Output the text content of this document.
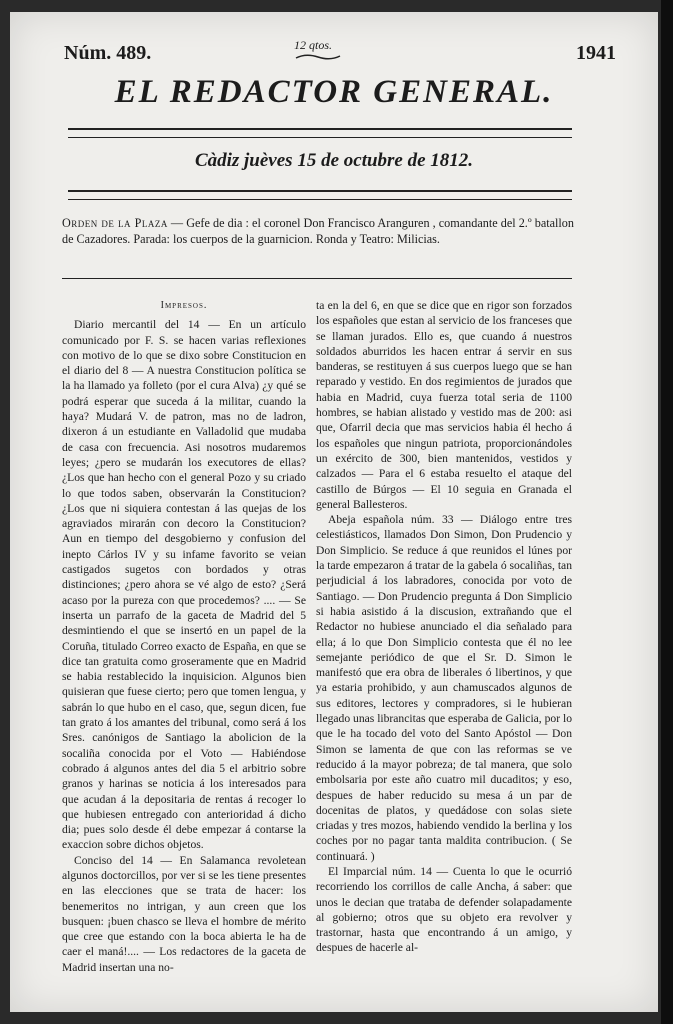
Núm. 489.	12 qtos.	1941
EL REDACTOR GENERAL.
Càdiz juèves 15 de octubre de 1812.
Orden de la Plaza — Gefe de dia : el coronel Don Francisco Aranguren , comandante del 2.º batallon de Cazadores. Parada: los cuerpos de la guarnicion. Ronda y Teatro: Milicias.

Impresos.

Diario mercantil del 14 — En un artículo comunicado por F. S. se hacen varias reflexiones con motivo de lo que se dixo sobre Constitucion en el diario del 8 — A nuestra Constitucion política se la ha llamado ya folleto (por el cura Alva) ¿y qué se podrá esperar que suceda á la militar, cuando la haya? Mudará V. de patron, mas no de ladron, dixeron á un estudiante en Valladolid que mudaba de casa con frecuencia. Asi nosotros mudaremos leyes; ¿pero se mudarán los executores de ellas? ¿Los que han hecho con el general Pozo y su criado lo que todos saben, observarán la Constitucion? ¿Los que ni siquiera contestan á las quejas de los agraviados mirarán con decoro la Constitucion? Aun en tiempo del desgobierno y confusion del inepto Cárlos IV y su infame favorito se veian castigados sugetos con bordados y otras distinciones; ¿pero ahora se vé algo de esto? ¿Será acaso por la pureza con que procedemos? .... — Se inserta un parrafo de la gaceta de Madrid del 5 desmintiendo el que se insertó en un papel de la Coruña, titulado Correo exacto de España, en que se dice tan gratuita como groseramente que en Madrid se habia restablecido la inquisicion. Algunos bien quisieran que fuese cierto; pero que tomen lengua, y sabrán lo que hubo en el caso, que, segun dicen, fue tan grato á los amantes del tribunal, como será á los Sres. canónigos de Santiago la abolicion de la socaliña conocida por el Voto — Habiéndose cobrado á algunos antes del dia 5 el arbitrio sobre granos y harinas se noticia á los interesados para que acudan á la depositaria de rentas á recoger lo que hubiesen entregado con anterioridad á dicho dia; pues solo desde él debe empezar á contarse la exaccion sobre dichos objetos.

Conciso del 14 — En Salamanca revoletean algunos doctorcillos, por ver si se les tiene presentes en las elecciones que se trata de hacer: los benemeritos no intrigan, y aun creen que los busquen: ¡buen chasco se lleva el hombre de mérito que cree que estando con la boca abierta le ha de caer el maná!.... — Los redactores de la gaceta de Madrid insertan una no-

ta en la del 6, en que se dice que en rigor son forzados los españoles que estan al servicio de los franceses que se llaman jurados. Ello es, que cuando á nuestros soldados aburridos les hacen entrar á servir en sus banderas, se restituyen á sus cuerpos luego que se han reparado y vestido. En dos regimientos de jurados que habia en Madrid, cuya fuerza total seria de 1100 hombres, se habian alistado y vestido mas de 200: asi que, Ofarril decia que mas servicios habia él hecho á los españoles que ningun patriota, proporcionándoles un exército de 300, bien mantenidos, vestidos y calzados — Para el 6 estaba resuelto el ataque del castillo de Búrgos — El 10 seguia en Granada el general Ballesteros.

Abeja española núm. 33 — Diálogo entre tres celestiásticos, llamados Don Simon, Don Prudencio y Don Simplicio. Se reduce á que reunidos el lúnes por la tarde empezaron á tratar de la gabela ó socaliñas, tan perjudicial á los labradores, conocida por voto de Santiago. — Don Prudencio pregunta á Don Simplicio si habia asistido á la discusion, extrañando que el Redactor no hubiese anunciado el dia señalado para ella; á lo que Don Simplicio contesta que él no lee semejante periódico de que el Sr. D. Simon le manifestó que era obra de liberales ó libertinos, y que ya estaria prohibido, y aun chamuscados algunos de sus editores, lectores y compradores, si le hubieran llegado unas librancitas que esperaba de Galicia, por lo que le ha tocado del voto del Santo Apóstol — Don Simon se lamenta de que con las reformas se ve reducido á la mayor pobreza; de tal manera, que solo embolsaria por este año cuatro mil ducaditos; y eso, despues de haber reducido su mesa á un par de docenitas de platos, y quedádose con solas siete criadas y tres mozos, habiendo vendido la berlina y los coches por no pagar tanta maldita contribucion. ( Se continuará. )

El Imparcial núm. 14 — Cuenta lo que le ocurrió recorriendo los corrillos de calle Ancha, á saber: que unos le decian que trataba de defender solapadamente al gobierno; otros que su objeto era revolver y trastornar, hasta que encontrando á un amigo, y despues de hacerle al-
